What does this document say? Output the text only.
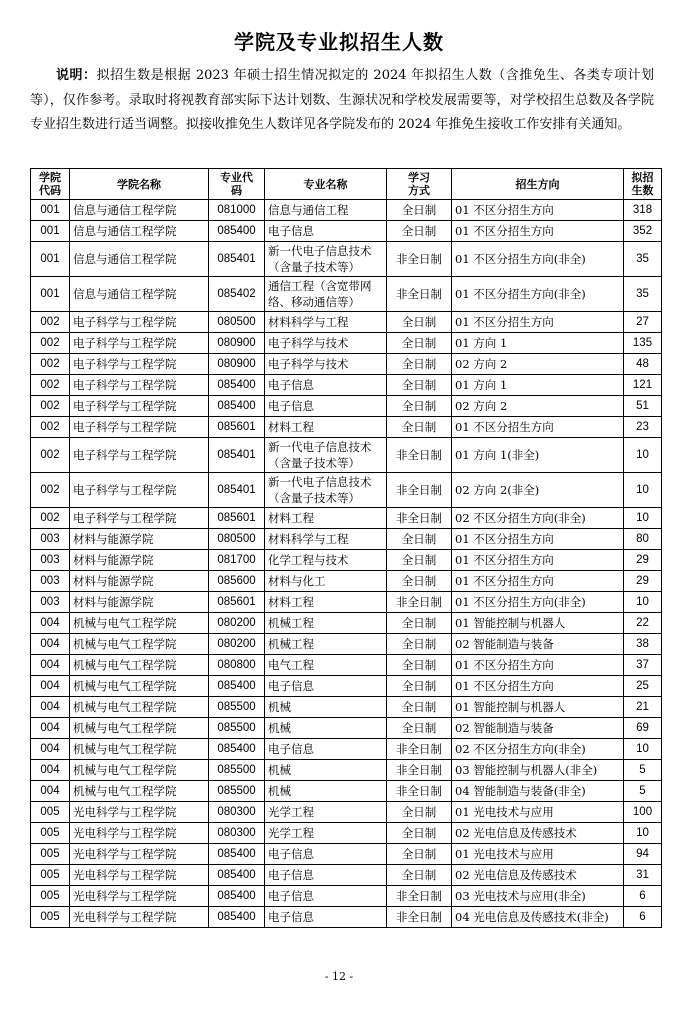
学院及专业拟招生人数
说明：拟招生数是根据 2023 年硕士招生情况拟定的 2024 年拟招生人数（含推免生、各类专项计划等），仅作参考。录取时将视教育部实际下达计划数、生源状况和学校发展需要等，对学校招生总数及各学院专业招生数进行适当调整。拟接收推免生人数详见各学院发布的 2024 年推免生接收工作安排有关通知。
学院代码	学院名称	专业代码	专业名称	学习方式	招生方向	拟招生数
001	信息与通信工程学院	081000	信息与通信工程	全日制	01 不区分招生方向	318
001	信息与通信工程学院	085400	电子信息	全日制	01 不区分招生方向	352
001	信息与通信工程学院	085401	新一代电子信息技术（含量子技术等）	非全日制	01 不区分招生方向(非全)	35
001	信息与通信工程学院	085402	通信工程（含宽带网络、移动通信等）	非全日制	01 不区分招生方向(非全)	35
002	电子科学与工程学院	080500	材料科学与工程	全日制	01 不区分招生方向	27
002	电子科学与工程学院	080900	电子科学与技术	全日制	01 方向 1	135
002	电子科学与工程学院	080900	电子科学与技术	全日制	02 方向 2	48
002	电子科学与工程学院	085400	电子信息	全日制	01 方向 1	121
002	电子科学与工程学院	085400	电子信息	全日制	02 方向 2	51
002	电子科学与工程学院	085601	材料工程	全日制	01 不区分招生方向	23
002	电子科学与工程学院	085401	新一代电子信息技术（含量子技术等）	非全日制	01 方向 1(非全)	10
002	电子科学与工程学院	085401	新一代电子信息技术（含量子技术等）	非全日制	02 方向 2(非全)	10
002	电子科学与工程学院	085601	材料工程	非全日制	02 不区分招生方向(非全)	10
003	材料与能源学院	080500	材料科学与工程	全日制	01 不区分招生方向	80
003	材料与能源学院	081700	化学工程与技术	全日制	01 不区分招生方向	29
003	材料与能源学院	085600	材料与化工	全日制	01 不区分招生方向	29
003	材料与能源学院	085601	材料工程	非全日制	01 不区分招生方向(非全)	10
004	机械与电气工程学院	080200	机械工程	全日制	01 智能控制与机器人	22
004	机械与电气工程学院	080200	机械工程	全日制	02 智能制造与装备	38
004	机械与电气工程学院	080800	电气工程	全日制	01 不区分招生方向	37
004	机械与电气工程学院	085400	电子信息	全日制	01 不区分招生方向	25
004	机械与电气工程学院	085500	机械	全日制	01 智能控制与机器人	21
004	机械与电气工程学院	085500	机械	全日制	02 智能制造与装备	69
004	机械与电气工程学院	085400	电子信息	非全日制	02 不区分招生方向(非全)	10
004	机械与电气工程学院	085500	机械	非全日制	03 智能控制与机器人(非全)	5
004	机械与电气工程学院	085500	机械	非全日制	04 智能制造与装备(非全)	5
005	光电科学与工程学院	080300	光学工程	全日制	01 光电技术与应用	100
005	光电科学与工程学院	080300	光学工程	全日制	02 光电信息及传感技术	10
005	光电科学与工程学院	085400	电子信息	全日制	01 光电技术与应用	94
005	光电科学与工程学院	085400	电子信息	全日制	02 光电信息及传感技术	31
005	光电科学与工程学院	085400	电子信息	非全日制	03 光电技术与应用(非全)	6
005	光电科学与工程学院	085400	电子信息	非全日制	04 光电信息及传感技术(非全)	6
- 12 -
